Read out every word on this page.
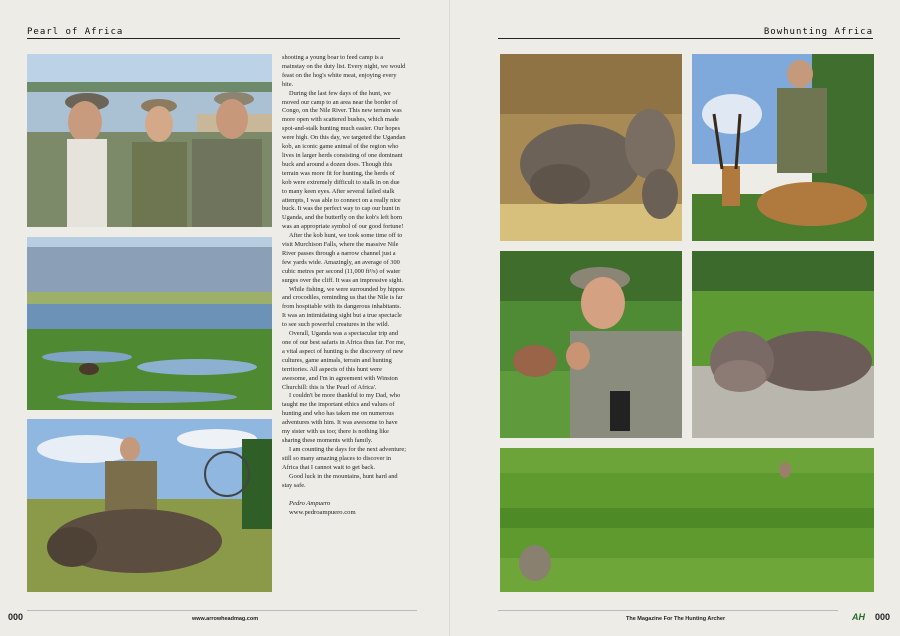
Pearl of Africa	Bowhunting Africa

shooting a young boar to feed camp is a mainstay on the duty list. Every night, we would feast on the hog's white meat, enjoying every bite.

During the last few days of the hunt, we moved our camp to an area near the border of Congo, on the Nile River. This new terrain was more open with scattered bushes, which made spot-and-stalk hunting much easier. Our hopes were high. On this day, we targeted the Ugandan kob, an iconic game animal of the region who lives in larger herds consisting of one dominant buck and around a dozen does. Though this terrain was more fit for hunting, the herds of kob were extremely difficult to stalk in on due to many keen eyes. After several failed stalk attempts, I was able to connect on a really nice buck. It was the perfect way to cap our hunt in Uganda, and the butterfly on the kob's left horn was an appropriate symbol of our good fortune!

After the kob hunt, we took some time off to visit Murchison Falls, where the massive Nile River passes through a narrow channel just a few yards wide. Amazingly, an average of 300 cubic metres per second (11,000 ft³/s) of water surges over the cliff. It was an impressive sight.

While fishing, we were surrounded by hippos and crocodiles, reminding us that the Nile is far from hospitable with its dangerous inhabitants. It was an intimidating sight but a true spectacle to see such powerful creatures in the wild.

Overall, Uganda was a spectacular trip and one of our best safaris in Africa thus far. For me, a vital aspect of hunting is the discovery of new cultures, game animals, terrain and hunting territories. All aspects of this hunt were awesome, and I'm in agreement with Winston Churchill: this is 'the Pearl of Africa'.

I couldn't be more thankful to my Dad, who taught me the important ethics and values of hunting and who has taken me on numerous adventures with him. It was awesome to have my sister with us too; there is nothing like sharing these moments with family.

I am counting the days for the next adventure; still so many amazing places to discover in Africa that I cannot wait to get back.

Good luck in the mountains, hunt hard and stay safe.

Pedro Ampuero
www.pedroampuero.com
000	www.arrowheadmag.com	The Magazine For The Hunting Archer	AH 000
